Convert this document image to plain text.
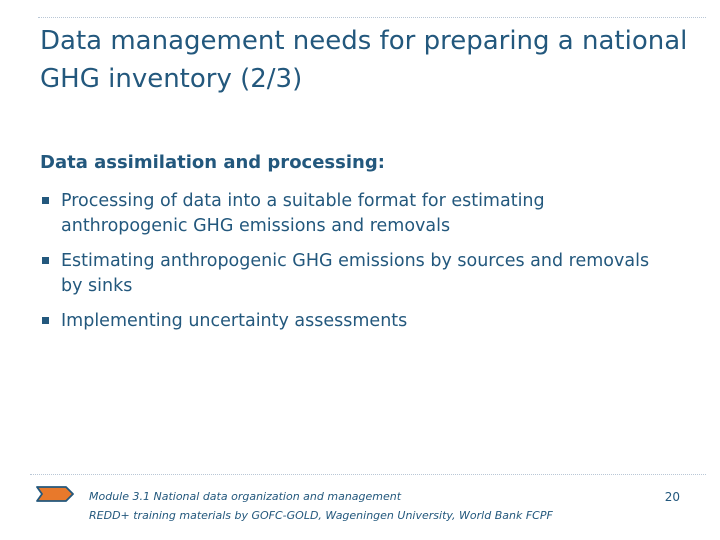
Data management needs for preparing a national GHG inventory (2/3)
Data assimilation and processing:
Processing of data into a suitable format for estimating anthropogenic GHG emissions and removals
Estimating anthropogenic GHG emissions by sources and removals by sinks
Implementing uncertainty assessments
Module 3.1 National data organization and management
REDD+ training materials by GOFC-GOLD, Wageningen University, World Bank FCPF
20
